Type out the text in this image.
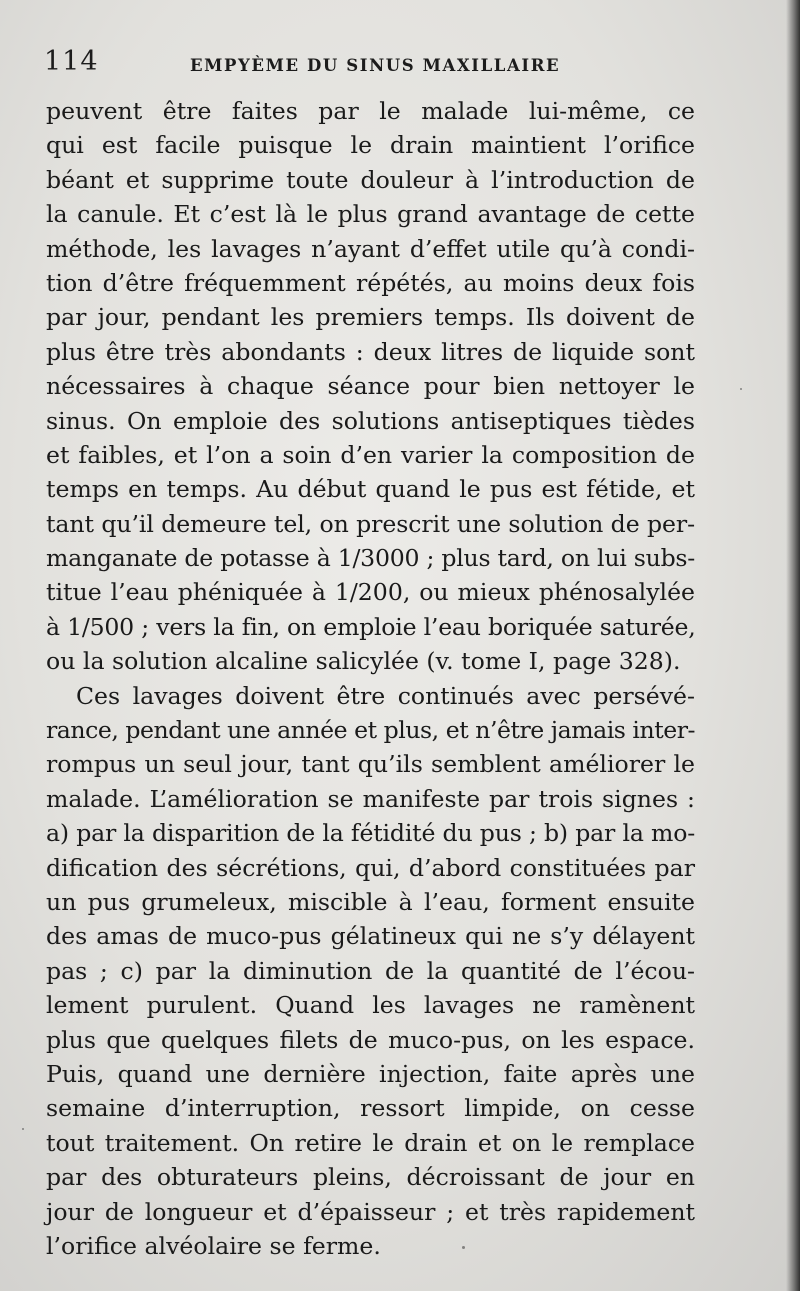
114	EMPYÈME DU SINUS MAXILLAIRE
peuvent être faites par le malade lui-même, ce
qui est facile puisque le drain maintient l’orifice
béant et supprime toute douleur à l’introduction de
la canule. Et c’est là le plus grand avantage de cette
méthode, les lavages n’ayant d’effet utile qu’à condi-
tion d’être fréquemment répétés, au moins deux fois
par jour, pendant les premiers temps. Ils doivent de
plus être très abondants : deux litres de liquide sont
nécessaires à chaque séance pour bien nettoyer le
sinus. On emploie des solutions antiseptiques tièdes
et faibles, et l’on a soin d’en varier la composition de
temps en temps. Au début quand le pus est fétide, et
tant qu’il demeure tel, on prescrit une solution de per-
manganate de potasse à 1/3000 ; plus tard, on lui subs-
titue l’eau phéniquée à 1/200, ou mieux phénosalylée
à 1/500 ; vers la fin, on emploie l’eau boriquée saturée,
ou la solution alcaline salicylée (v. tome I, page 328).
Ces lavages doivent être continués avec persévé-
rance, pendant une année et plus, et n’être jamais inter-
rompus un seul jour, tant qu’ils semblent améliorer le
malade. L’amélioration se manifeste par trois signes :
a) par la disparition de la fétidité du pus ; b) par la mo-
dification des sécrétions, qui, d’abord constituées par
un pus grumeleux, miscible à l’eau, forment ensuite
des amas de muco-pus gélatineux qui ne s’y délayent
pas ; c) par la diminution de la quantité de l’écou-
lement purulent. Quand les lavages ne ramènent
plus que quelques filets de muco-pus, on les espace.
Puis, quand une dernière injection, faite après une
semaine d’interruption, ressort limpide, on cesse
tout traitement. On retire le drain et on le remplace
par des obturateurs pleins, décroissant de jour en
jour de longueur et d’épaisseur ; et très rapidement
l’orifice alvéolaire se ferme.
